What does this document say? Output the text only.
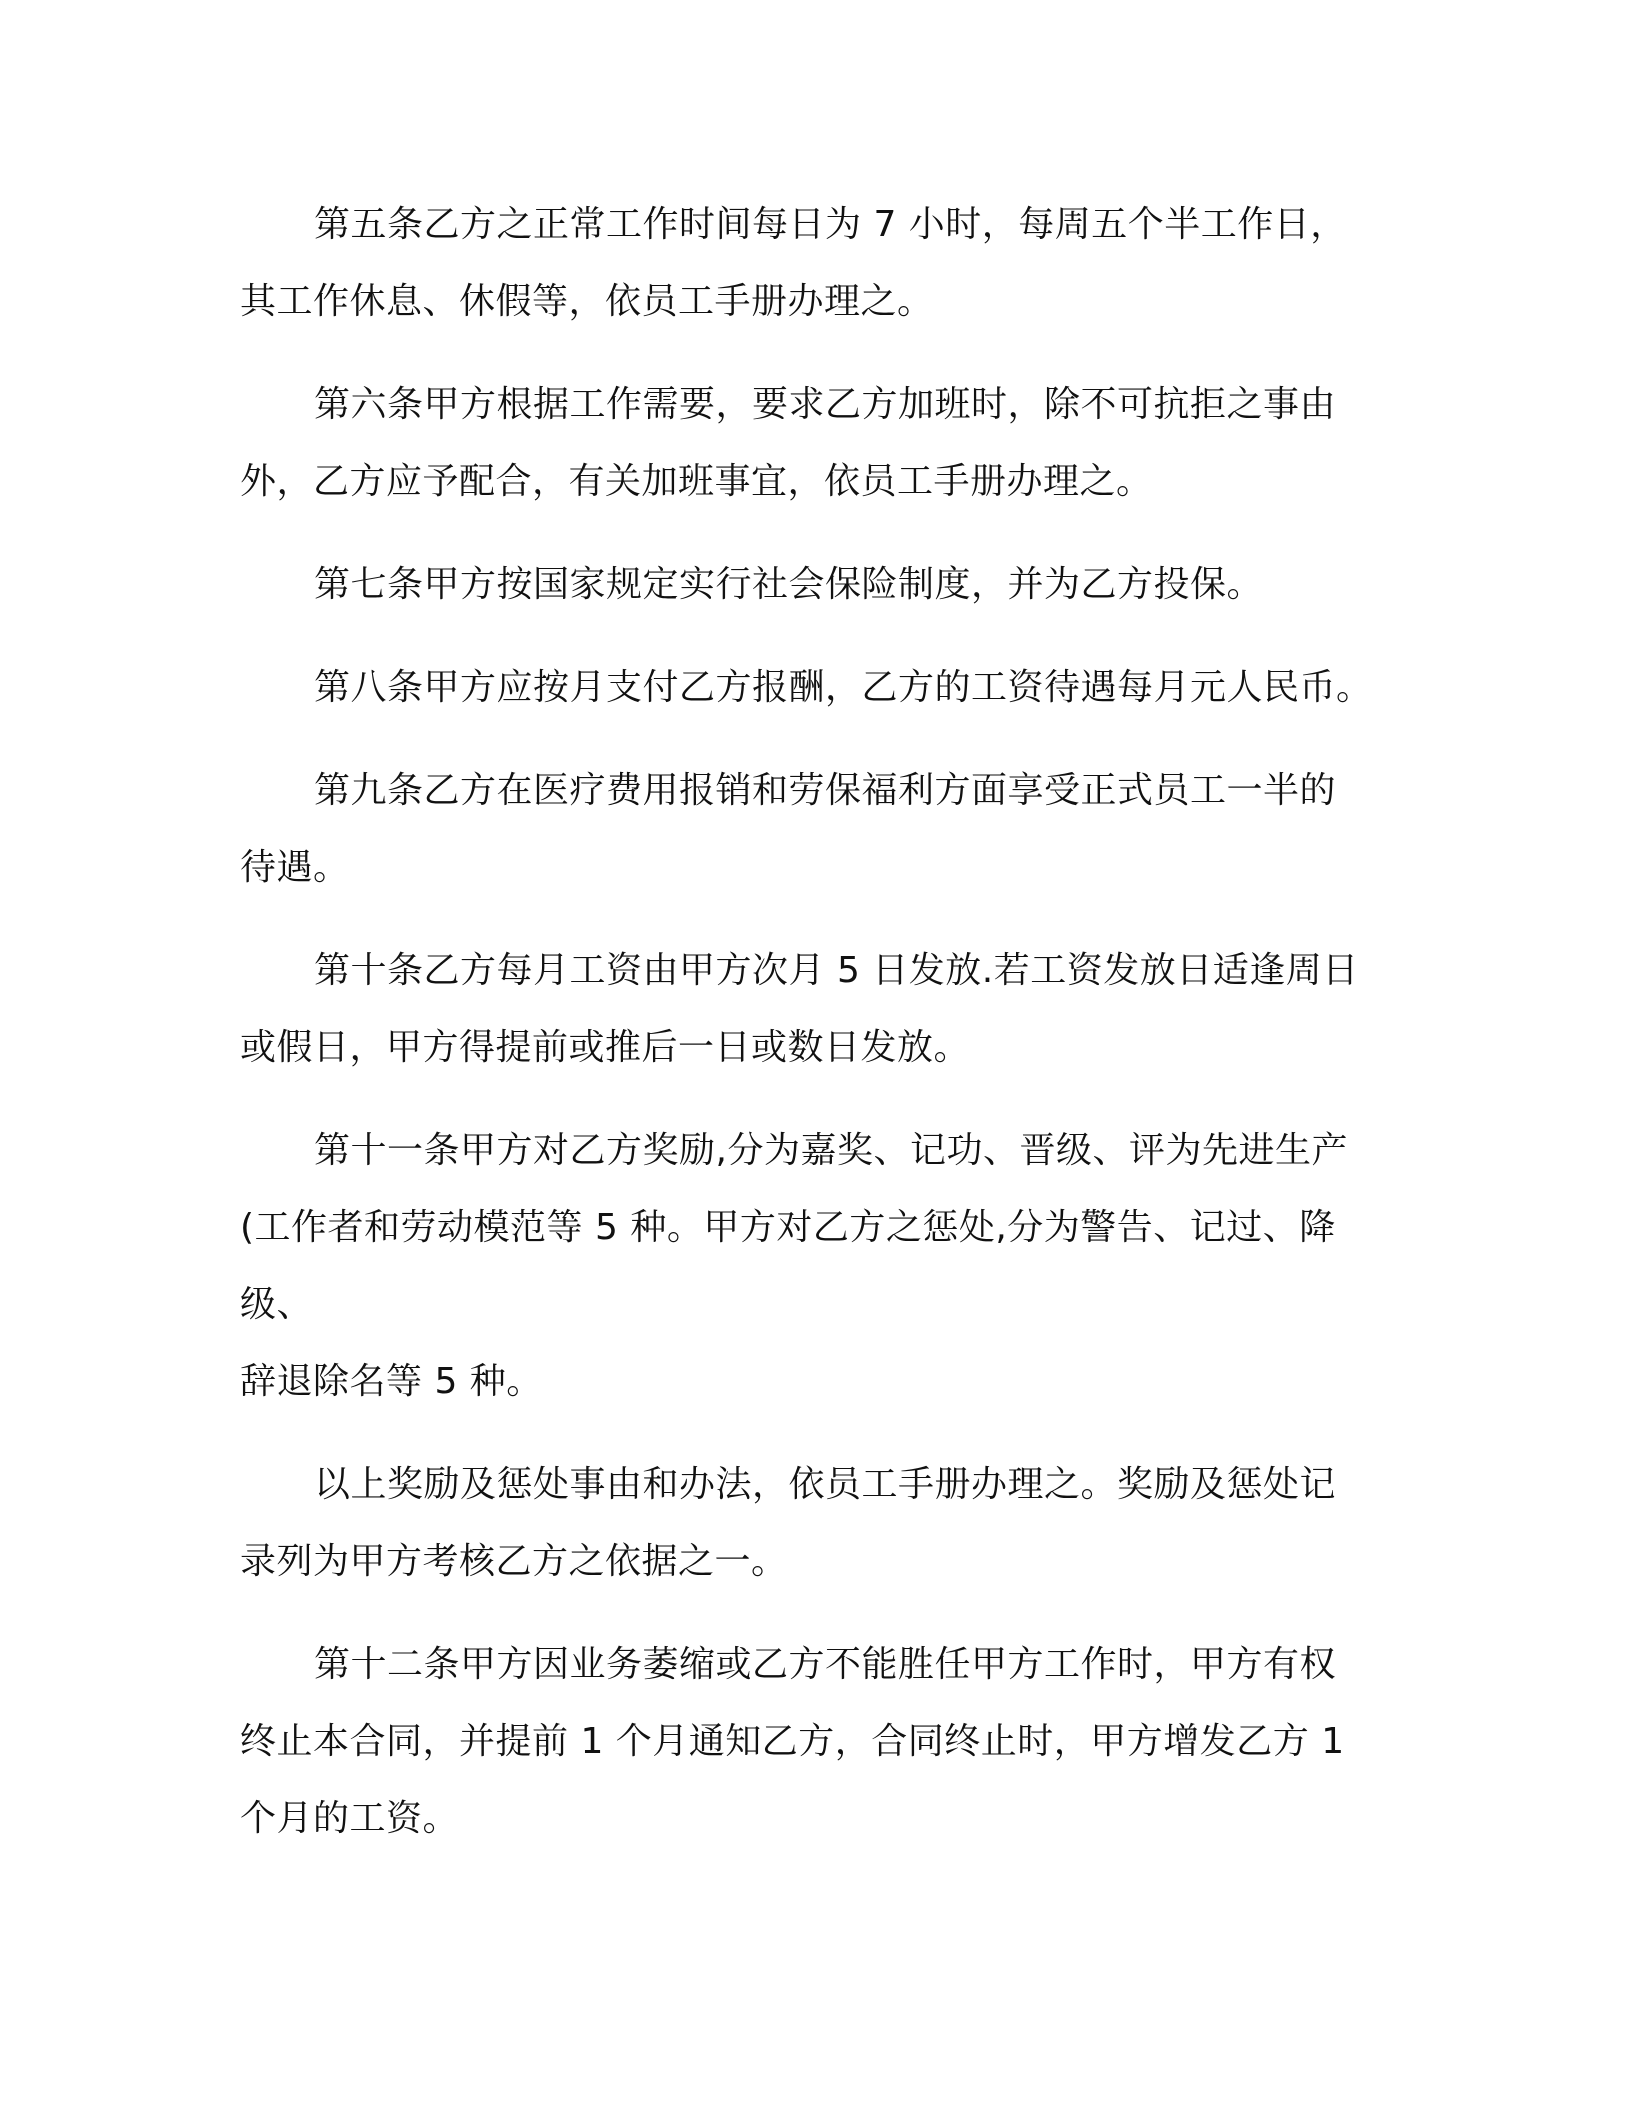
第五条乙方之正常工作时间每日为 7 小时，每周五个半工作日，
其工作休息、休假等，依员工手册办理之。

第六条甲方根据工作需要，要求乙方加班时，除不可抗拒之事由
外，乙方应予配合，有关加班事宜，依员工手册办理之。

第七条甲方按国家规定实行社会保险制度，并为乙方投保。

第八条甲方应按月支付乙方报酬，乙方的工资待遇每月元人民币。

第九条乙方在医疗费用报销和劳保福利方面享受正式员工一半的
待遇。

第十条乙方每月工资由甲方次月 5 日发放.若工资发放日适逢周日
或假日，甲方得提前或推后一日或数日发放。

第十一条甲方对乙方奖励,分为嘉奖、记功、晋级、评为先进生产
(工作者和劳动模范等 5 种。甲方对乙方之惩处,分为警告、记过、降级、
辞退除名等 5 种。

以上奖励及惩处事由和办法，依员工手册办理之。奖励及惩处记
录列为甲方考核乙方之依据之一。

第十二条甲方因业务萎缩或乙方不能胜任甲方工作时，甲方有权
终止本合同，并提前 1 个月通知乙方，合同终止时，甲方增发乙方 1
个月的工资。
